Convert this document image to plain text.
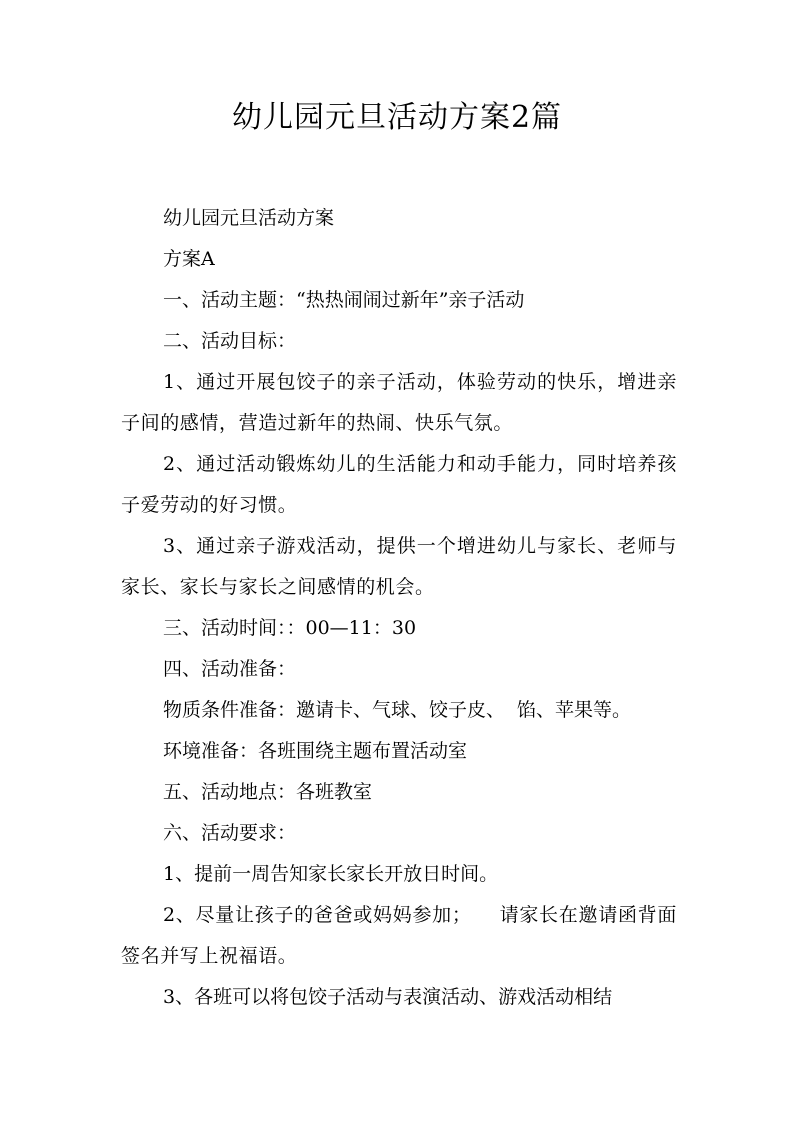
幼儿园元旦活动方案2篇

幼儿园元旦活动方案

方案A

一、活动主题：“热热闹闹过新年”亲子活动

二、活动目标：

1、通过开展包饺子的亲子活动，体验劳动的快乐，增进亲子间的感情，营造过新年的热闹、快乐气氛。

2、通过活动锻炼幼儿的生活能力和动手能力，同时培养孩子爱劳动的好习惯。

3、通过亲子游戏活动，提供一个增进幼儿与家长、老师与家长、家长与家长之间感情的机会。

三、活动时间：：00—11：30

四、活动准备：

物质条件准备：邀请卡、气球、饺子皮、 馅、苹果等。

环境准备：各班围绕主题布置活动室

五、活动地点：各班教室

六、活动要求：

1、提前一周告知家长家长开放日时间。

2、尽量让孩子的爸爸或妈妈参加； 请家长在邀请函背面签名并写上祝福语。

3、各班可以将包饺子活动与表演活动、游戏活动相结
